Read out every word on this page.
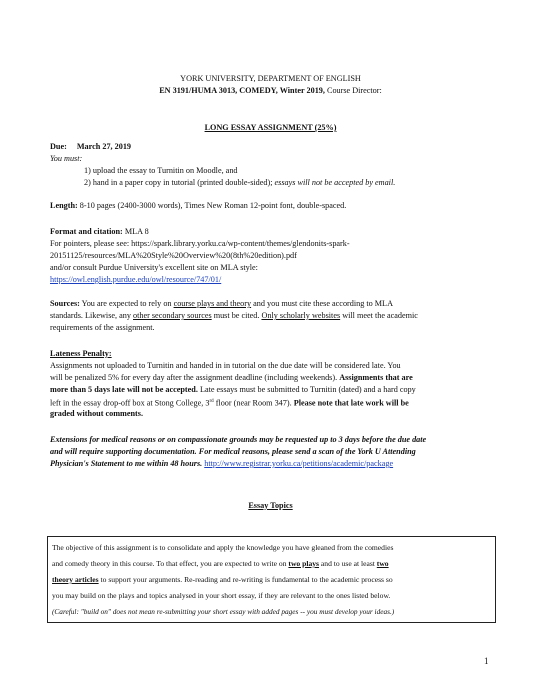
YORK UNIVERSITY, DEPARTMENT OF ENGLISH
EN 3191/HUMA 3013, COMEDY, Winter 2019, Course Director:
LONG ESSAY ASSIGNMENT (25%)
Due: March 27, 2019
You must:
1) upload the essay to Turnitin on Moodle, and
2) hand in a paper copy in tutorial (printed double-sided); essays will not be accepted by email.
Length: 8-10 pages (2400-3000 words), Times New Roman 12-point font, double-spaced.
Format and citation: MLA 8
For pointers, please see: https://spark.library.yorku.ca/wp-content/themes/glendonits-spark-
20151125/resources/MLA%20Style%20Overview%20(8th%20edition).pdf
and/or consult Purdue University's excellent site on MLA style:
https://owl.english.purdue.edu/owl/resource/747/01/
Sources: You are expected to rely on course plays and theory and you must cite these according to MLA
standards. Likewise, any other secondary sources must be cited. Only scholarly websites will meet the academic
requirements of the assignment.
Lateness Penalty:
Assignments not uploaded to Turnitin and handed in in tutorial on the due date will be considered late. You
will be penalized 5% for every day after the assignment deadline (including weekends). Assignments that are
more than 5 days late will not be accepted. Late essays must be submitted to Turnitin (dated) and a hard copy
left in the essay drop-off box at Stong College, 3rd floor (near Room 347). Please note that late work will be
graded without comments.
Extensions for medical reasons or on compassionate grounds may be requested up to 3 days before the due date
and will require supporting documentation. For medical reasons, please send a scan of the York U Attending
Physician's Statement to me within 48 hours. http://www.registrar.yorku.ca/petitions/academic/package
Essay Topics
The objective of this assignment is to consolidate and apply the knowledge you have gleaned from the comedies
and comedy theory in this course. To that effect, you are expected to write on two plays and to use at least two
theory articles to support your arguments. Re-reading and re-writing is fundamental to the academic process so
you may build on the plays and topics analysed in your short essay, if they are relevant to the ones listed below.
(Careful: "build on" does not mean re-submitting your short essay with added pages -- you must develop your ideas.)
1
